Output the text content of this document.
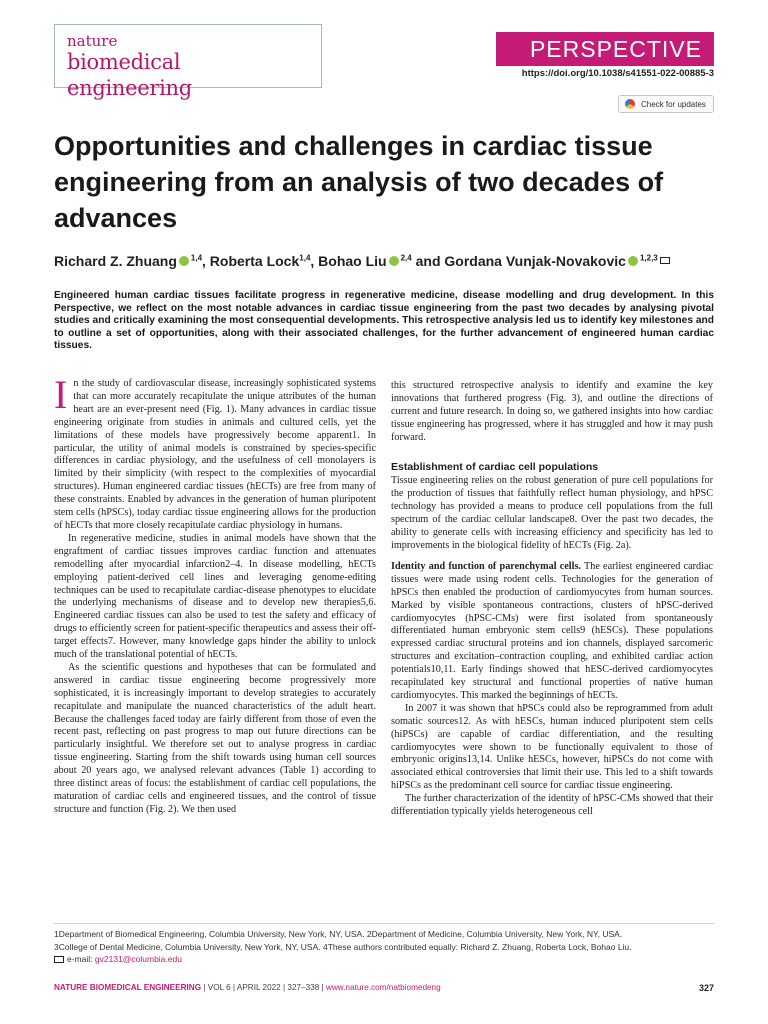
nature
biomedical engineering
PERSPECTIVE
https://doi.org/10.1038/s41551-022-00885-3
Check for updates
Opportunities and challenges in cardiac tissue engineering from an analysis of two decades of advances
Richard Z. Zhuang $^{1,4}$, Roberta Lock$^{1,4}$, Bohao Liu $^{2,4}$ and Gordana Vunjak-Novakovic $^{1,2,3}$

Engineered human cardiac tissues facilitate progress in regenerative medicine, disease modelling and drug development. In this Perspective, we reflect on the most notable advances in cardiac tissue engineering from the past two decades by analysing pivotal studies and critically examining the most consequential developments. This retrospective analysis led us to identify key milestones and to outline a set of opportunities, along with their associated challenges, for the further advancement of engineered human cardiac tissues.

In the study of cardiovascular disease, increasingly sophisticated systems that can more accurately recapitulate the unique attributes of the human heart are an ever-present need (Fig. 1). Many advances in cardiac tissue engineering originate from studies in animals and cultured cells, yet the limitations of these models have progressively become apparent1. In particular, the utility of animal models is constrained by species-specific differences in cardiac physiology, and the usefulness of cell monolayers is limited by their simplicity (with respect to the complexities of myocardial structures). Human engineered cardiac tissues (hECTs) are free from many of these constraints. Enabled by advances in the generation of human pluripotent stem cells (hPSCs), today cardiac tissue engineering allows for the production of hECTs that more closely recapitulate cardiac physiology in humans.

In regenerative medicine, studies in animal models have shown that the engraftment of cardiac tissues improves cardiac function and attenuates remodelling after myocardial infarction2–4. In disease modelling, hECTs employing patient-derived cell lines and leveraging genome-editing techniques can be used to recapitulate cardiac-disease phenotypes to elucidate the underlying mechanisms of disease and to develop new therapies5,6. Engineered cardiac tissues can also be used to test the safety and efficacy of drugs to efficiently screen for patient-specific therapeutics and assess their off-target effects7. However, many knowledge gaps hinder the ability to unlock much of the translational potential of hECTs.

As the scientific questions and hypotheses that can be formulated and answered in cardiac tissue engineering become progressively more sophisticated, it is increasingly important to develop strategies to accurately recapitulate and manipulate the nuanced characteristics of the adult heart. Because the challenges faced today are fairly different from those of even the recent past, reflecting on past progress to map out future directions can be particularly insightful. We therefore set out to analyse progress in cardiac tissue engineering. Starting from the shift towards using human cell sources about 20 years ago, we analysed relevant advances (Table 1) according to three distinct areas of focus: the establishment of cardiac cell populations, the maturation of cardiac cells and engineered tissues, and the control of tissue structure and function (Fig. 2). We then used

this structured retrospective analysis to identify and examine the key innovations that furthered progress (Fig. 3), and outline the directions of current and future research. In doing so, we gathered insights into how cardiac tissue engineering has progressed, where it has struggled and how it may push forward.

Establishment of cardiac cell populations

Tissue engineering relies on the robust generation of pure cell populations for the production of tissues that faithfully reflect human physiology, and hPSC technology has provided a means to produce cell populations from the full spectrum of the cardiac cellular landscape8. Over the past two decades, the ability to generate cells with increasing efficiency and specificity has led to improvements in the biological fidelity of hECTs (Fig. 2a).

Identity and function of parenchymal cells. The earliest engineered cardiac tissues were made using rodent cells. Technologies for the generation of hPSCs then enabled the production of cardiomyocytes from human sources. Marked by visible spontaneous contractions, clusters of hPSC-derived cardiomyocytes (hPSC-CMs) were first isolated from spontaneously differentiated human embryonic stem cells9 (hESCs). These populations expressed cardiac structural proteins and ion channels, displayed sarcomeric structures and excitation–contraction coupling, and exhibited cardiac action potentials10,11. Early findings showed that hESC-derived cardiomyocytes recapitulated key structural and functional properties of native human cardiomyocytes. This marked the beginnings of hECTs.

In 2007 it was shown that hPSCs could also be reprogrammed from adult somatic sources12. As with hESCs, human induced pluripotent stem cells (hiPSCs) are capable of cardiac differentiation, and the resulting cardiomyocytes were shown to be functionally equivalent to those of embryonic origins13,14. Unlike hESCs, however, hiPSCs do not come with associated ethical controversies that limit their use. This led to a shift towards hiPSCs as the predominant cell source for cardiac tissue engineering.

The further characterization of the identity of hPSC-CMs showed that their differentiation typically yields heterogeneous cell

1Department of Biomedical Engineering, Columbia University, New York, NY, USA. 2Department of Medicine, Columbia University, New York, NY, USA.
3College of Dental Medicine, Columbia University, New York, NY, USA. 4These authors contributed equally: Richard Z. Zhuang, Roberta Lock, Bohao Liu.
e-mail: gv2131@columbia.edu
NATURE BIOMEDICAL ENGINEERING | VOL 6 | APRIL 2022 | 327–338 | www.nature.com/natbiomedeng	327
